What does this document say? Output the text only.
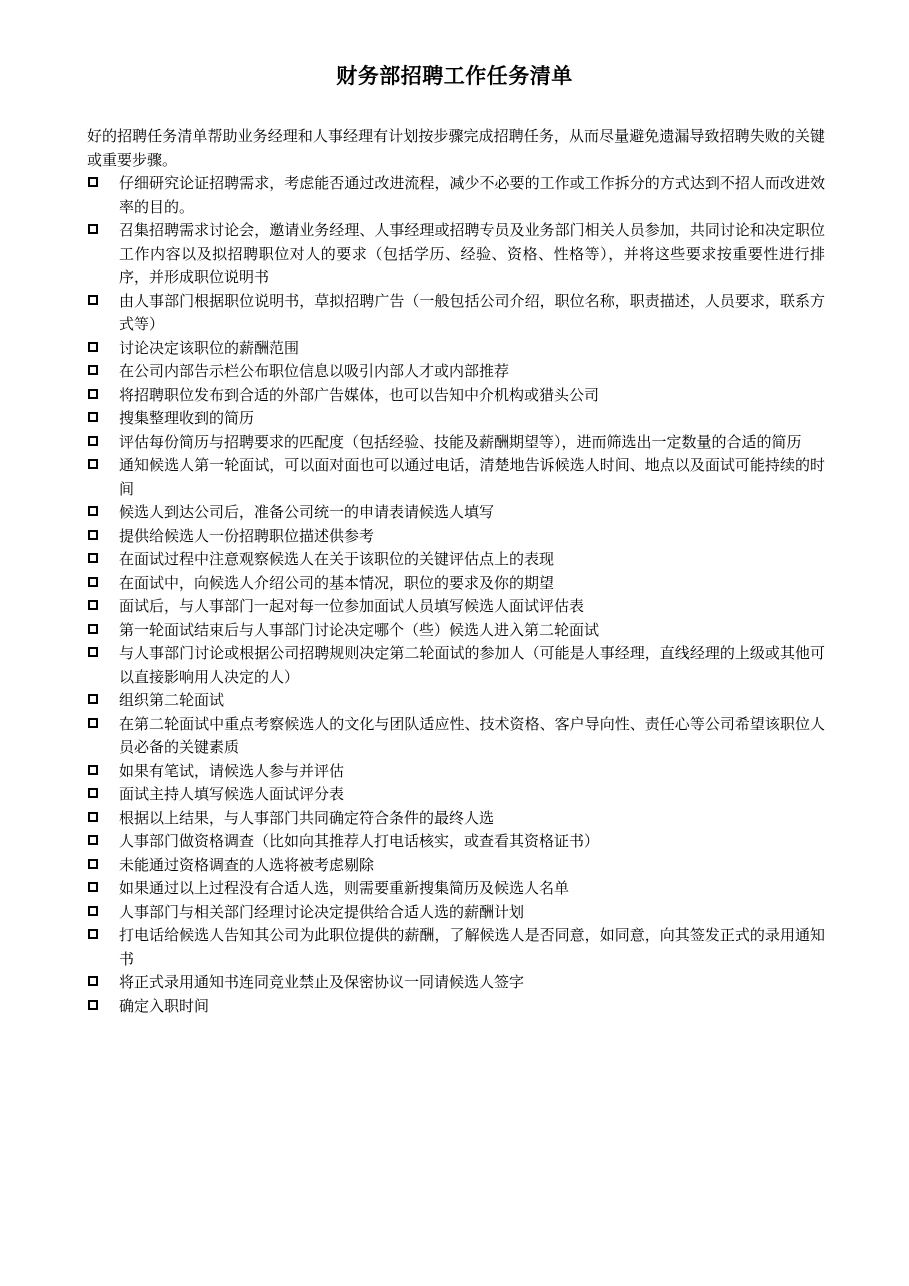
财务部招聘工作任务清单
好的招聘任务清单帮助业务经理和人事经理有计划按步骤完成招聘任务，从而尽量避免遗漏导致招聘失败的关键或重要步骤。
仔细研究论证招聘需求，考虑能否通过改进流程，减少不必要的工作或工作拆分的方式达到不招人而改进效率的目的。
召集招聘需求讨论会，邀请业务经理、人事经理或招聘专员及业务部门相关人员参加，共同讨论和决定职位工作内容以及拟招聘职位对人的要求（包括学历、经验、资格、性格等），并将这些要求按重要性进行排序，并形成职位说明书
由人事部门根据职位说明书，草拟招聘广告（一般包括公司介绍，职位名称，职责描述，人员要求，联系方式等）
讨论决定该职位的薪酬范围
在公司内部告示栏公布职位信息以吸引内部人才或内部推荐
将招聘职位发布到合适的外部广告媒体，也可以告知中介机构或猎头公司
搜集整理收到的简历
评估每份简历与招聘要求的匹配度（包括经验、技能及薪酬期望等），进而筛选出一定数量的合适的简历
通知候选人第一轮面试，可以面对面也可以通过电话，清楚地告诉候选人时间、地点以及面试可能持续的时间
候选人到达公司后，准备公司统一的申请表请候选人填写
提供给候选人一份招聘职位描述供参考
在面试过程中注意观察候选人在关于该职位的关键评估点上的表现
在面试中，向候选人介绍公司的基本情况，职位的要求及你的期望
面试后，与人事部门一起对每一位参加面试人员填写候选人面试评估表
第一轮面试结束后与人事部门讨论决定哪个（些）候选人进入第二轮面试
与人事部门讨论或根据公司招聘规则决定第二轮面试的参加人（可能是人事经理，直线经理的上级或其他可以直接影响用人决定的人）
组织第二轮面试
在第二轮面试中重点考察候选人的文化与团队适应性、技术资格、客户导向性、责任心等公司希望该职位人员必备的关键素质
如果有笔试，请候选人参与并评估
面试主持人填写候选人面试评分表
根据以上结果，与人事部门共同确定符合条件的最终人选
人事部门做资格调查（比如向其推荐人打电话核实，或查看其资格证书）
未能通过资格调查的人选将被考虑剔除
如果通过以上过程没有合适人选，则需要重新搜集简历及候选人名单
人事部门与相关部门经理讨论决定提供给合适人选的薪酬计划
打电话给候选人告知其公司为此职位提供的薪酬，了解候选人是否同意，如同意，向其签发正式的录用通知书
将正式录用通知书连同竞业禁止及保密协议一同请候选人签字
确定入职时间
